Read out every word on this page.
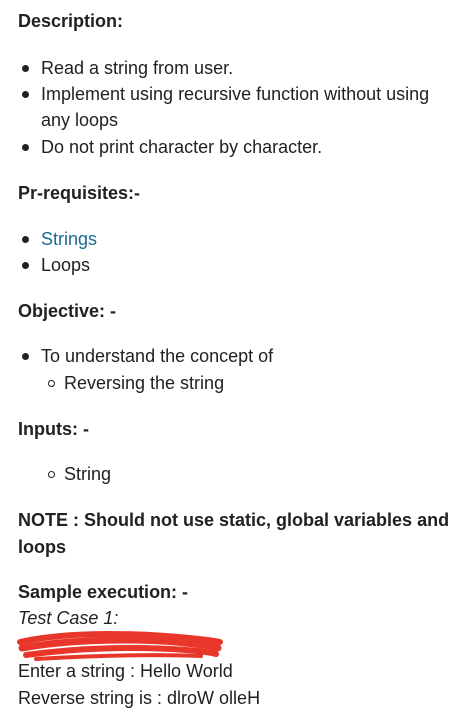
Description:
Read a string from user.
Implement using recursive function without using
any loops
Do not print character by character.
Pr-requisites:-
Strings
Loops
Objective: -
To understand the concept of
Reversing the string
Inputs: -
String
NOTE : Should not use static, global variables and
loops
Sample execution: -
Test Case 1:
Enter a string : Hello World
Reverse string is : dlroW olleH
